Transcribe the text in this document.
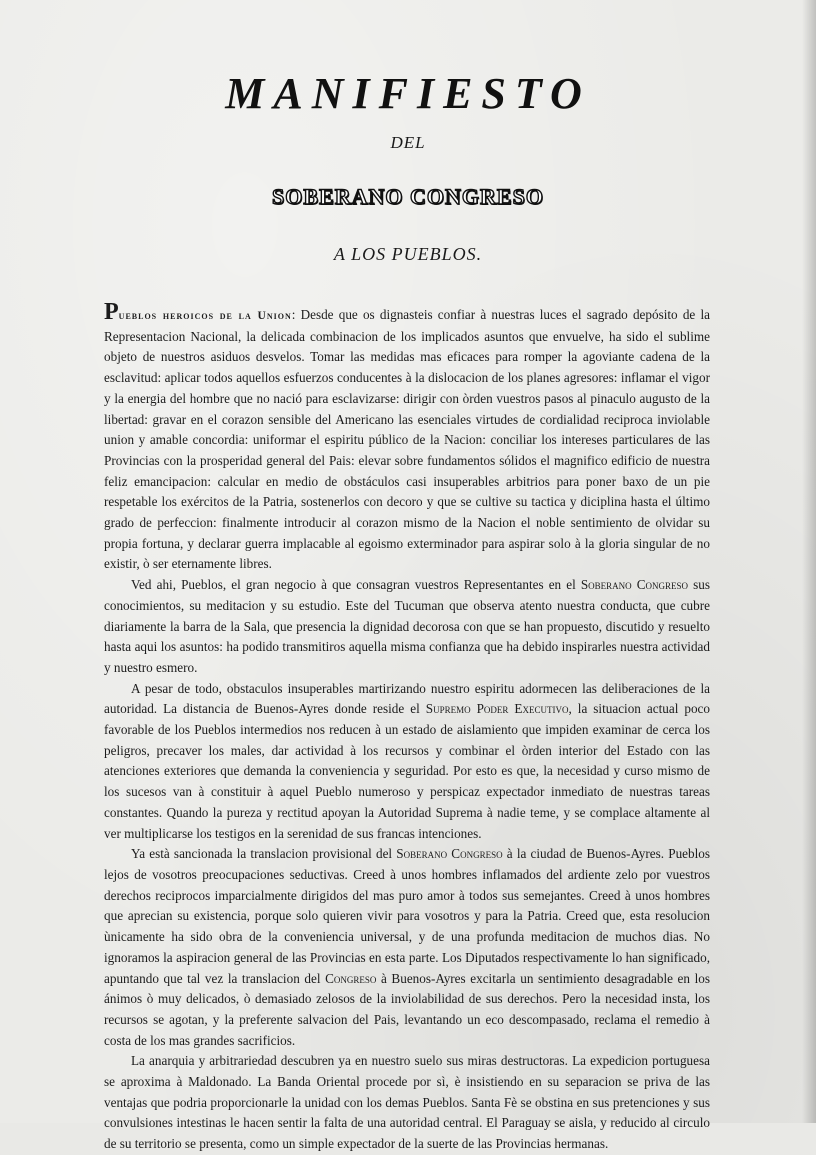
MANIFIESTO
DEL
SOBERANO CONGRESO
A LOS PUEBLOS.

Pueblos heroicos de la Union: Desde que os dignasteis confiar à nuestras luces el sagrado depósito de la Representacion Nacional, la delicada combinacion de los implicados asuntos que envuelve, ha sido el sublime objeto de nuestros asiduos desvelos. Tomar las medidas mas eficaces para romper la agoviante cadena de la esclavitud: aplicar todos aquellos esfuerzos conducentes à la dislocacion de los planes agresores: inflamar el vigor y la energia del hombre que no nació para esclavizarse: dirigir con òrden vuestros pasos al pinaculo augusto de la libertad: gravar en el corazon sensible del Americano las esenciales virtudes de cordialidad reciproca inviolable union y amable concordia: uniformar el espiritu público de la Nacion: conciliar los intereses particulares de las Provincias con la prosperidad general del Pais: elevar sobre fundamentos sólidos el magnifico edificio de nuestra feliz emancipacion: calcular en medio de obstáculos casi insuperables arbitrios para poner baxo de un pie respetable los exércitos de la Patria, sostenerlos con decoro y que se cultive su tactica y diciplina hasta el último grado de perfeccion: finalmente introducir al corazon mismo de la Nacion el noble sentimiento de olvidar su propia fortuna, y declarar guerra implacable al egoismo exterminador para aspirar solo à la gloria singular de no existir, ò ser eternamente libres.

Ved ahi, Pueblos, el gran negocio à que consagran vuestros Representantes en el Soberano Congreso sus conocimientos, su meditacion y su estudio. Este del Tucuman que observa atento nuestra conducta, que cubre diariamente la barra de la Sala, que presencia la dignidad decorosa con que se han propuesto, discutido y resuelto hasta aqui los asuntos: ha podido transmitiros aquella misma confianza que ha debido inspirarles nuestra actividad y nuestro esmero.

A pesar de todo, obstaculos insuperables martirizando nuestro espiritu adormecen las deliberaciones de la autoridad. La distancia de Buenos-Ayres donde reside el Supremo Poder Executivo, la situacion actual poco favorable de los Pueblos intermedios nos reducen à un estado de aislamiento que impiden examinar de cerca los peligros, precaver los males, dar actividad à los recursos y combinar el òrden interior del Estado con las atenciones exteriores que demanda la conveniencia y seguridad. Por esto es que, la necesidad y curso mismo de los sucesos van à constituir à aquel Pueblo numeroso y perspicaz expectador inmediato de nuestras tareas constantes. Quando la pureza y rectitud apoyan la Autoridad Suprema à nadie teme, y se complace altamente al ver multiplicarse los testigos en la serenidad de sus francas intenciones.

Ya està sancionada la translacion provisional del Soberano Congreso à la ciudad de Buenos-Ayres. Pueblos lejos de vosotros preocupaciones seductivas. Creed à unos hombres inflamados del ardiente zelo por vuestros derechos reciprocos imparcialmente dirigidos del mas puro amor à todos sus semejantes. Creed à unos hombres que aprecian su existencia, porque solo quieren vivir para vosotros y para la Patria. Creed que, esta resolucion ùnicamente ha sido obra de la conveniencia universal, y de una profunda meditacion de muchos dias. No ignoramos la aspiracion general de las Provincias en esta parte. Los Diputados respectivamente lo han significado, apuntando que tal vez la translacion del Congreso à Buenos-Ayres excitarla un sentimiento desagradable en los ánimos ò muy delicados, ò demasiado zelosos de la inviolabilidad de sus derechos. Pero la necesidad insta, los recursos se agotan, y la preferente salvacion del Pais, levantando un eco descompasado, reclama el remedio à costa de los mas grandes sacrificios.

La anarquia y arbitrariedad descubren ya en nuestro suelo sus miras destructoras. La expedicion portuguesa se aproxima à Maldonado. La Banda Oriental procede por sì, è insistiendo en su separacion se priva de las ventajas que podria proporcionarle la unidad con los demas Pueblos. Santa Fè se obstina en sus pretenciones y sus convulsiones intestinas le hacen sentir la falta de una autoridad central. El Paraguay se aisla, y reducido al circulo de su territorio se presenta, como un simple expectador de la suerte de las Provincias hermanas.
